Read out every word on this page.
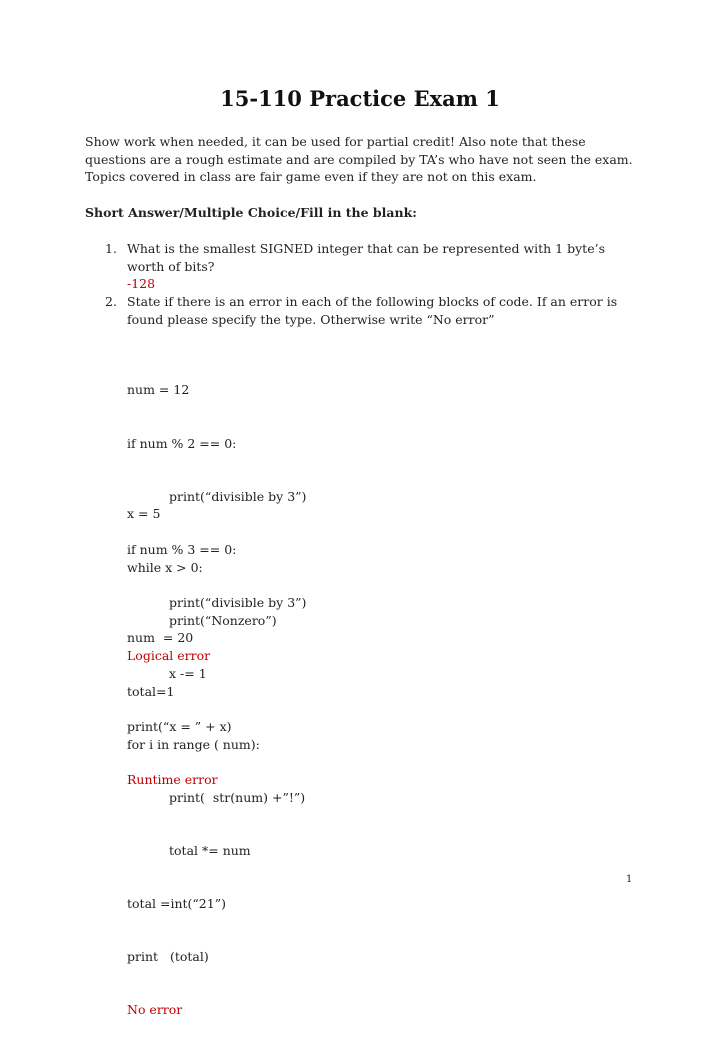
15-110 Practice Exam 1
Show work when needed, it can be used for partial credit! Also note that these questions are a rough estimate and are compiled by TA’s who have not seen the exam. Topics covered in class are fair game even if they are not on this exam.
Short Answer/Multiple Choice/Fill in the blank:
1. What is the smallest SIGNED integer that can be represented with 1 byte’s worth of bits?
-128
2. State if there is an error in each of the following blocks of code. If an error is found please specify the type. Otherwise write “No error”

num = 12

if num % 2 == 0:

print(“divisible by 3”)

if num % 3 == 0:

print(“divisible by 3”)

Logical error

x = 5

while x > 0:

print(“Nonzero”)

x -= 1

print(“x = ” + x)

Runtime error

num  = 20

total=1

for i in range ( num):

print(  str(num) +”!”)

total *= num

total =int(“21”)

print   (total)

No error

1
